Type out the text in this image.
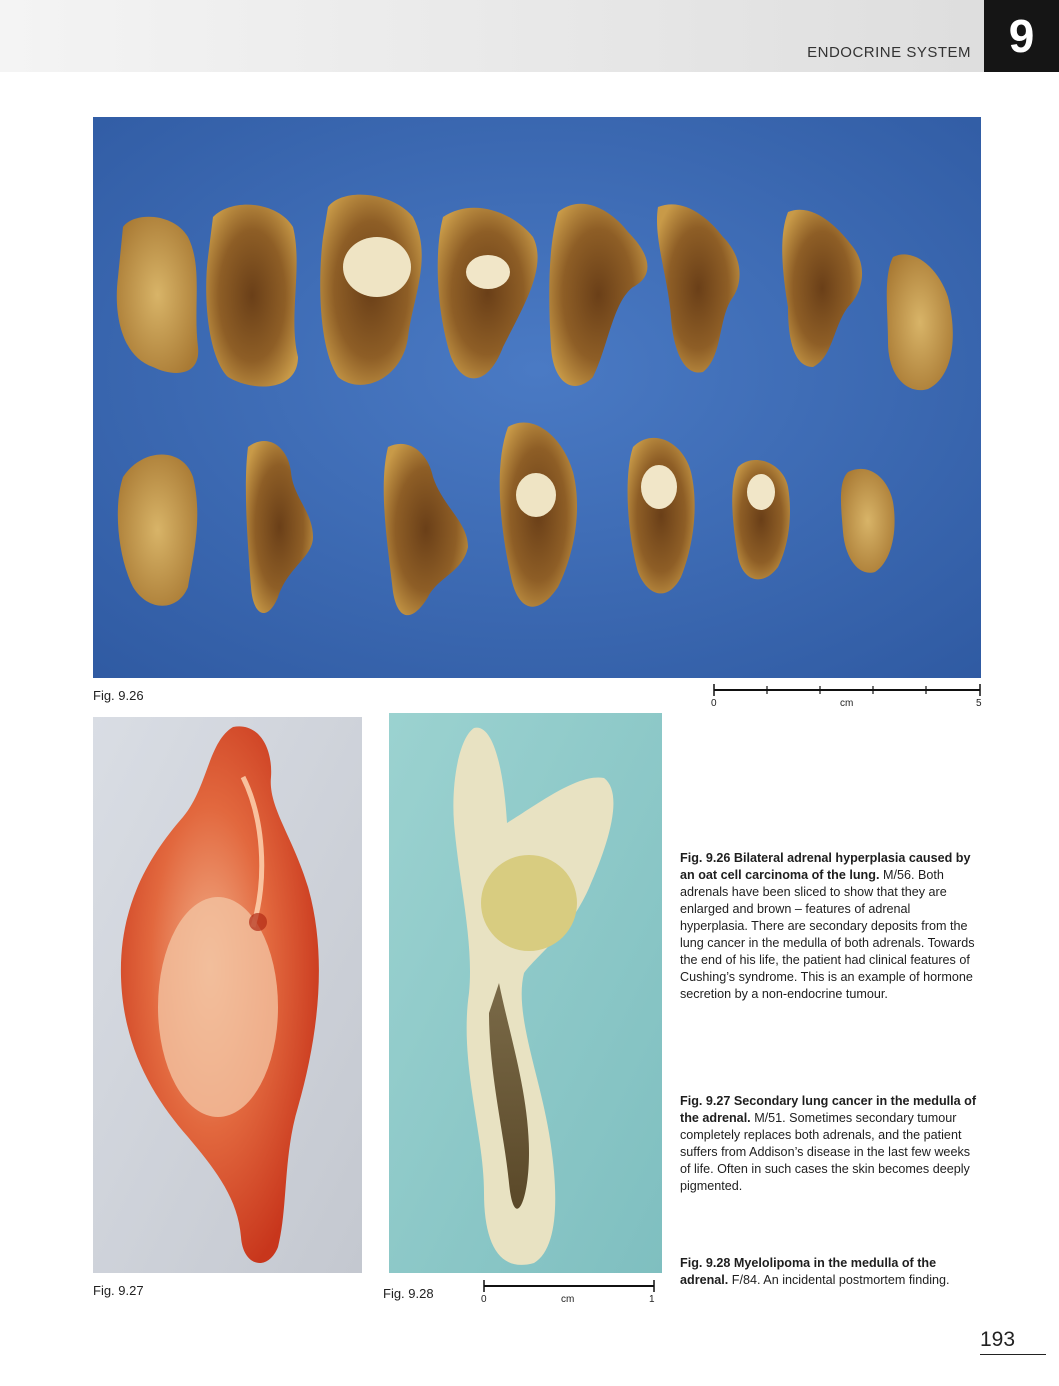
ENDOCRINE SYSTEM 9
Fig. 9.26
0	cm	5
Fig. 9.27	Fig. 9.28	0	cm	1
Fig. 9.26 Bilateral adrenal hyperplasia caused by an oat cell carcinoma of the lung. M/56. Both adrenals have been sliced to show that they are enlarged and brown – features of adrenal hyperplasia. There are secondary deposits from the lung cancer in the medulla of both adrenals. Towards the end of his life, the patient had clinical features of Cushing’s syndrome. This is an example of hormone secretion by a non-endocrine tumour.
Fig. 9.27 Secondary lung cancer in the medulla of the adrenal. M/51. Sometimes secondary tumour completely replaces both adrenals, and the patient suffers from Addison’s disease in the last few weeks of life. Often in such cases the skin becomes deeply pigmented.
Fig. 9.28 Myelolipoma in the medulla of the adrenal. F/84. An incidental postmortem finding.
193
